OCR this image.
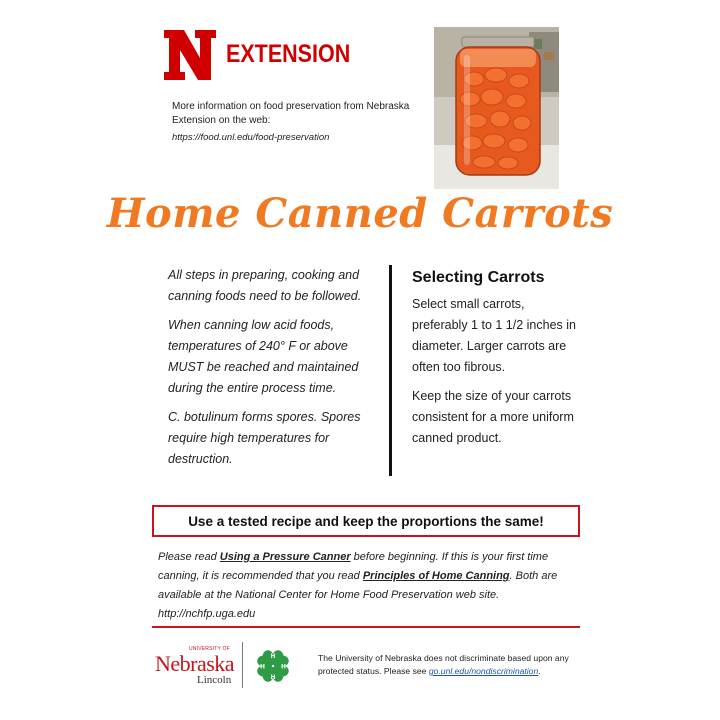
EXTENSION
More information on food preservation from Nebraska Extension on the web:
https://food.unl.edu/food-preservation
Home Canned Carrots

All steps in preparing, cooking and canning foods need to be followed.

When canning low acid foods, temperatures of 240° F or above MUST be reached and maintained during the entire process time.

C. botulinum forms spores. Spores require high temperatures for destruction.

Selecting Carrots

Select small carrots, preferably 1 to 1 1/2 inches in diameter. Larger carrots are often too fibrous.

Keep the size of your carrots consistent for a more uniform canned product.

Use a tested recipe and keep the proportions the same!
Please read Using a Pressure Canner before beginning. If this is your first time canning, it is recommended that you read Principles of Home Canning. Both are available at the National Center for Home Food Preservation web site. http://nchfp.uga.edu
UNIVERSITY OF
Nebraska
Lincoln
H
H
H	H
The University of Nebraska does not discriminate based upon any protected status. Please see go.unl.edu/nondiscrimination.
